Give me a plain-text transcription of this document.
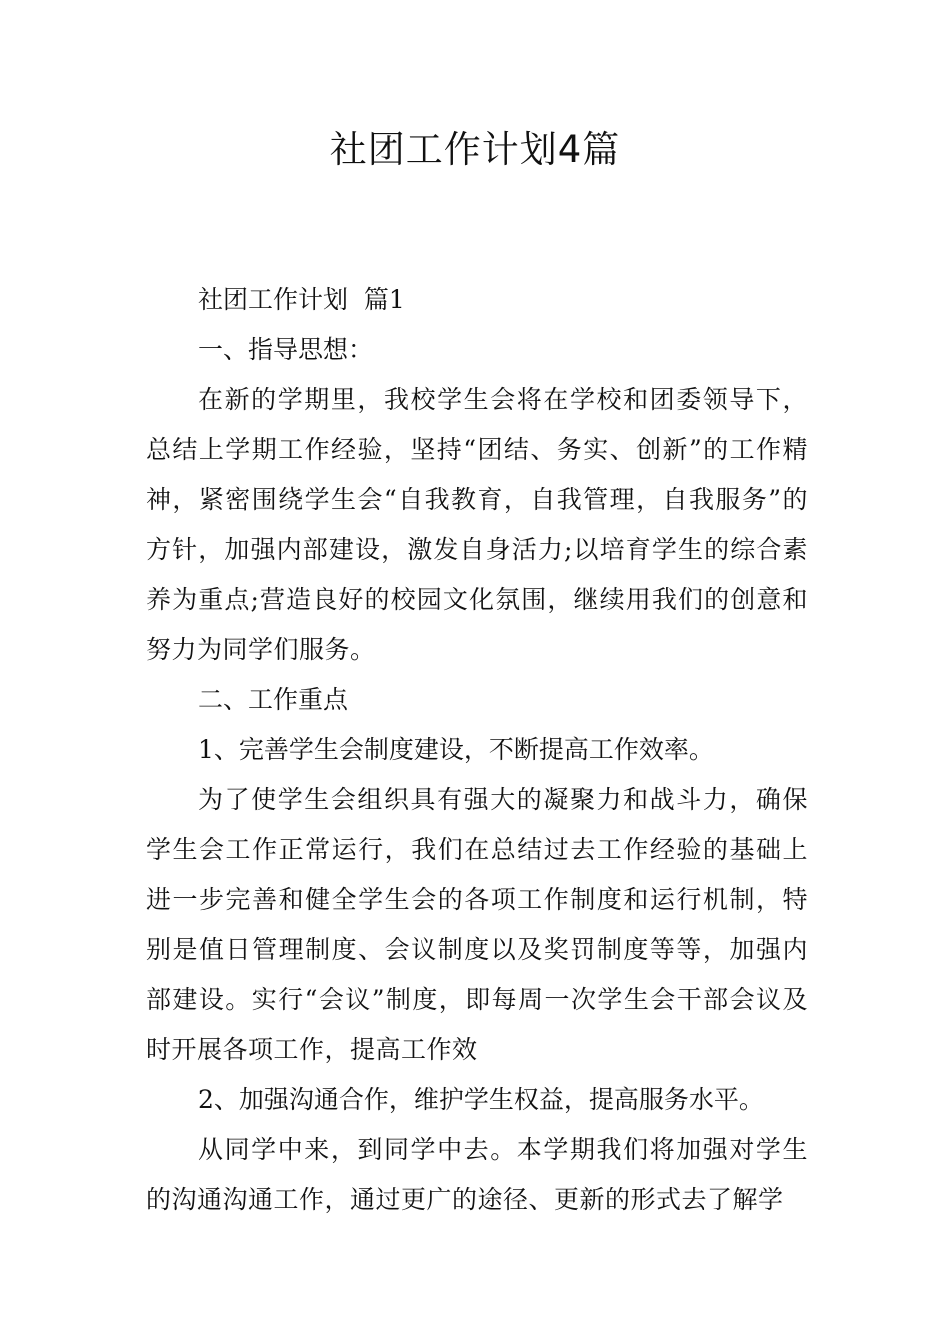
社团工作计划4篇
社团工作计划  篇1
一、指导思想：
在新的学期里，我校学生会将在学校和团委领导下，总结上学期工作经验，坚持“团结、务实、创新”的工作精神，紧密围绕学生会“自我教育，自我管理，自我服务”的方针，加强内部建设，激发自身活力;以培育学生的综合素养为重点;营造良好的校园文化氛围，继续用我们的创意和努力为同学们服务。
二、工作重点
1、完善学生会制度建设，不断提高工作效率。
为了使学生会组织具有强大的凝聚力和战斗力，确保学生会工作正常运行，我们在总结过去工作经验的基础上进一步完善和健全学生会的各项工作制度和运行机制，特别是值日管理制度、会议制度以及奖罚制度等等，加强内部建设。实行“会议”制度，即每周一次学生会干部会议及时开展各项工作，提高工作效
2、加强沟通合作，维护学生权益，提高服务水平。
从同学中来，到同学中去。本学期我们将加强对学生的沟通沟通工作，通过更广的途径、更新的形式去了解学
